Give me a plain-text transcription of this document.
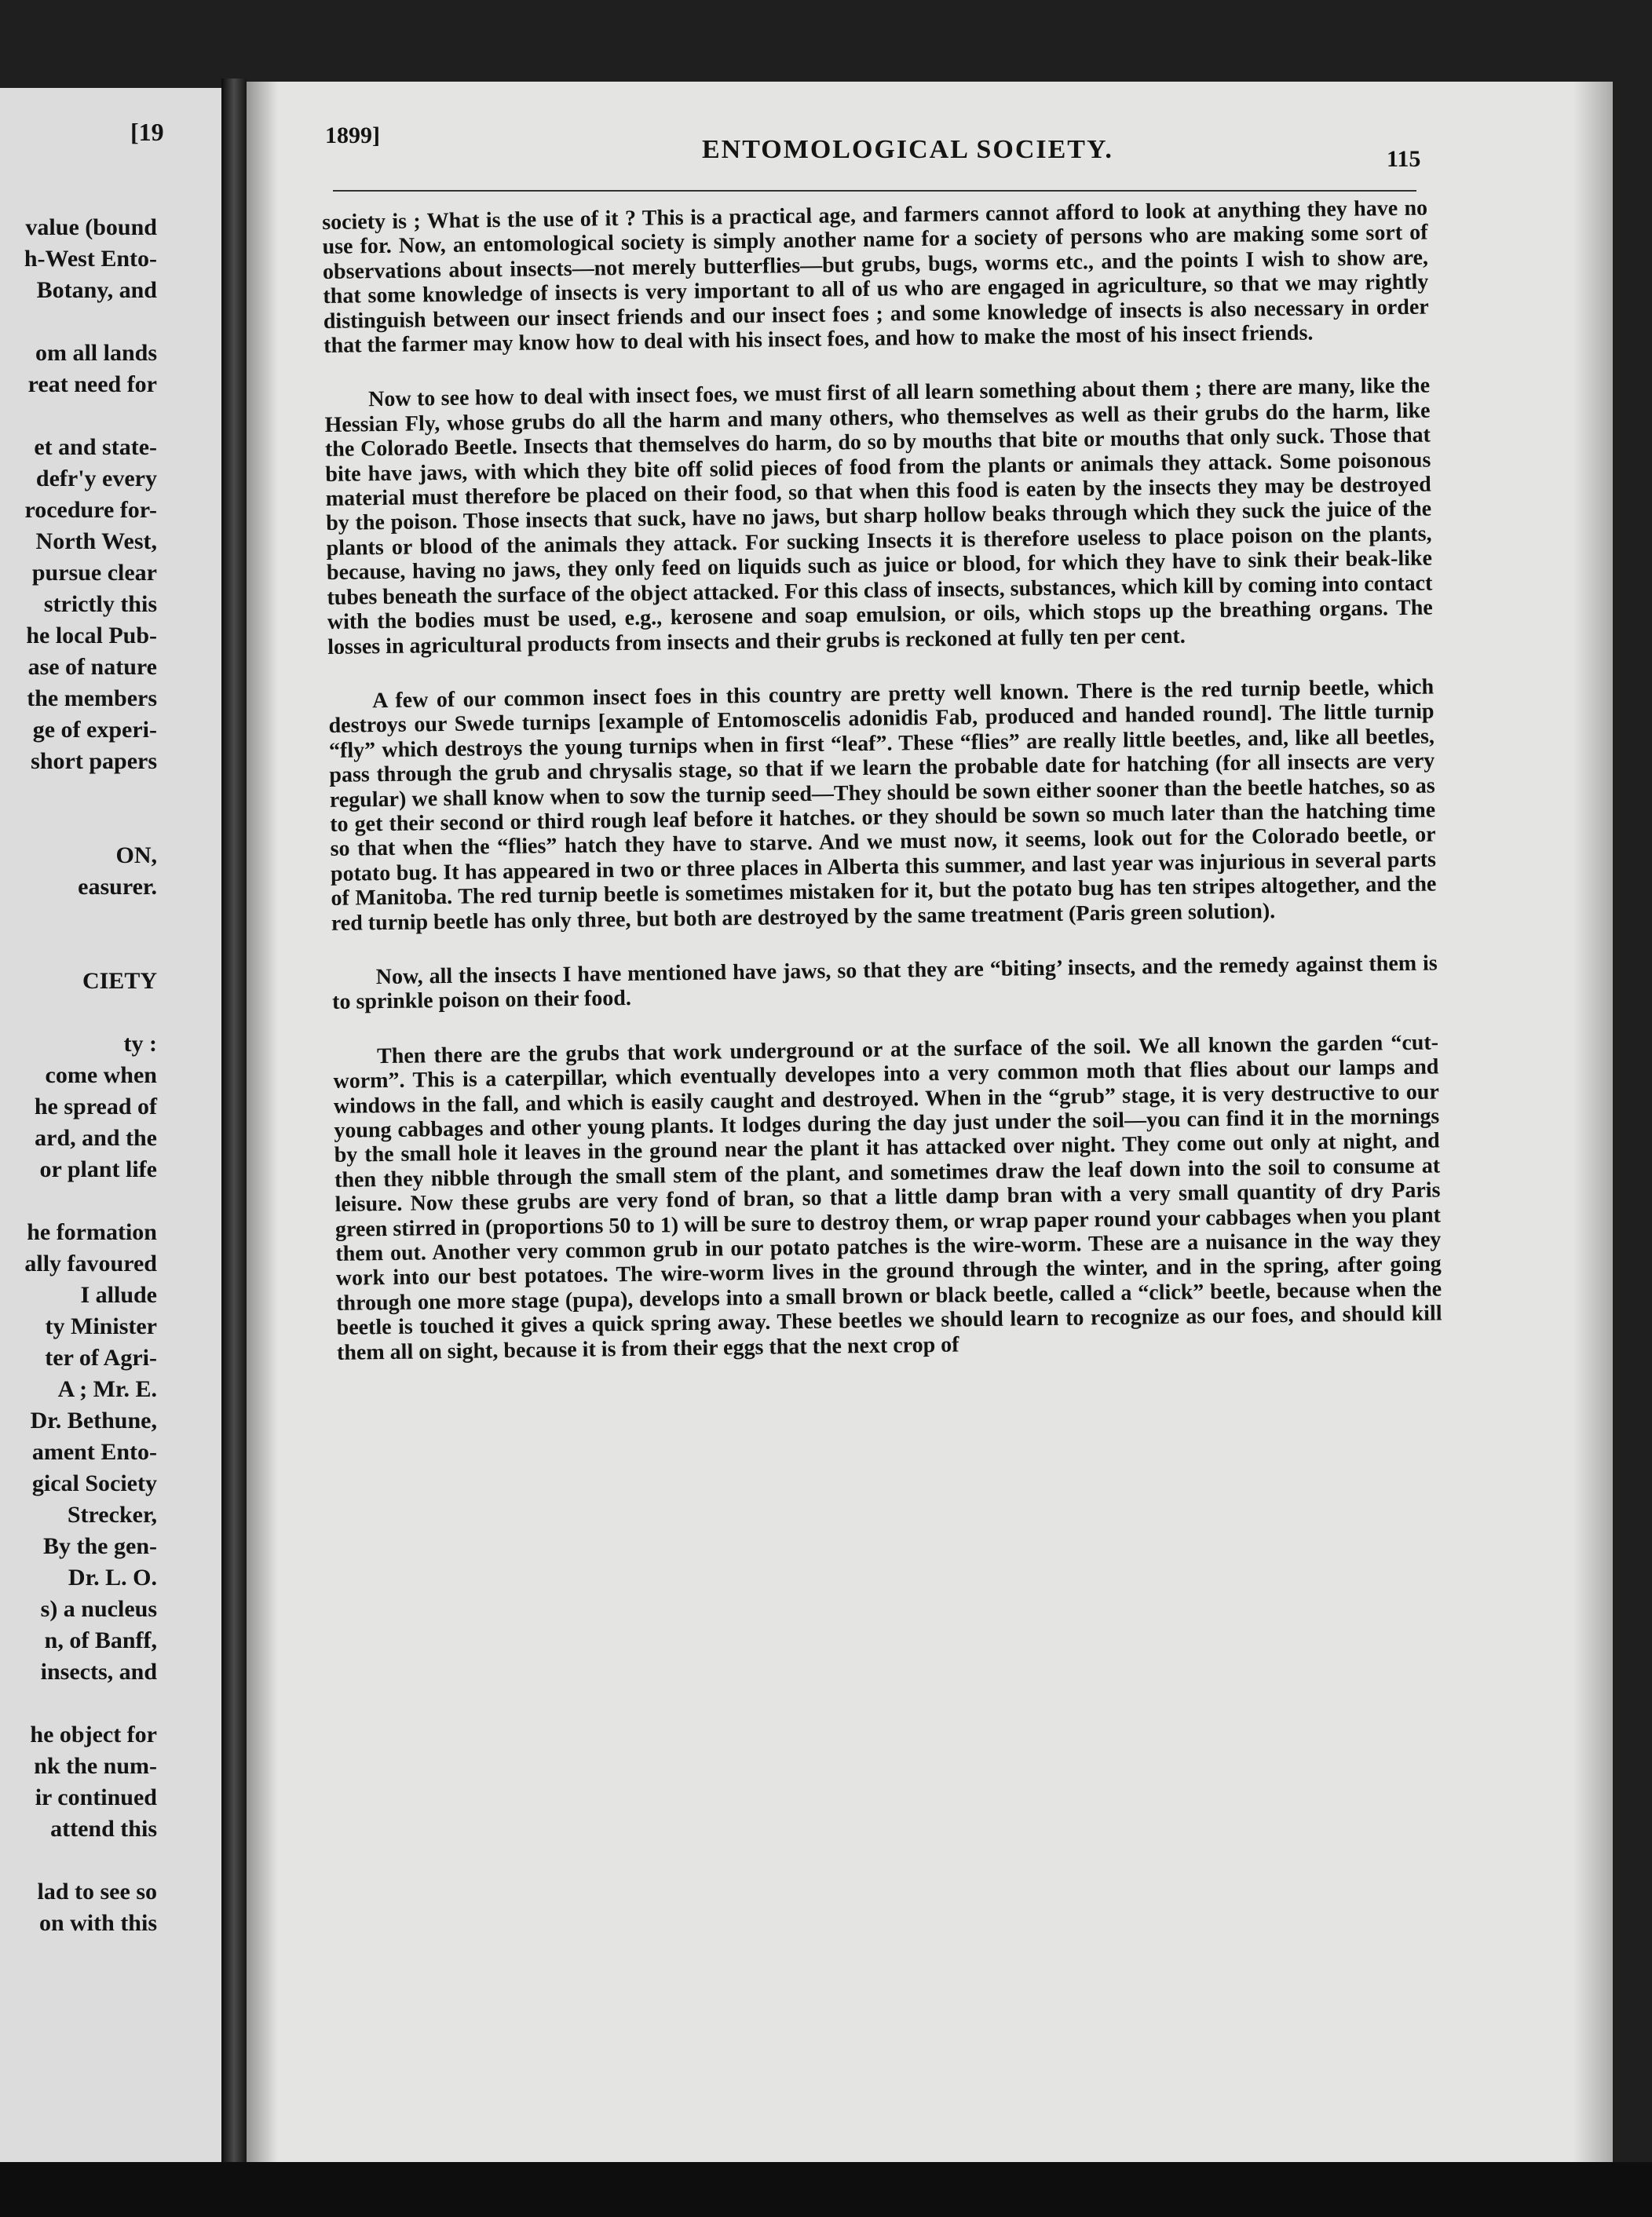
[19
value (bound
h-West Ento-
Botany, and
om all lands
reat need for
et and state-
defr'y every
rocedure for-
North West,
pursue clear
strictly this
he local Pub-
ase of nature
the members
ge of experi-
short papers
ON,
easurer.
CIETY
ty :
come when
he spread of
ard, and the
or plant life
he formation
ally favoured
I allude
ty Minister
ter of Agri-
A ; Mr. E.
Dr. Bethune,
ament Ento-
gical Society
Strecker,
By the gen-
Dr. L. O.
s) a nucleus
n, of Banff,
insects, and
he object for
nk the num-
ir continued
attend this
lad to see so
on with this
1899]	ENTOMOLOGICAL SOCIETY.	115

society is ; What is the use of it ? This is a practical age, and farmers cannot afford to look at anything they have no use for. Now, an entomological society is simply another name for a society of persons who are making some sort of observations about insects—not merely butterflies—but grubs, bugs, worms etc., and the points I wish to show are, that some knowledge of insects is very important to all of us who are engaged in agriculture, so that we may rightly distinguish between our insect friends and our insect foes ; and some knowledge of insects is also necessary in order that the farmer may know how to deal with his insect foes, and how to make the most of his insect friends.

Now to see how to deal with insect foes, we must first of all learn something about them ; there are many, like the Hessian Fly, whose grubs do all the harm and many others, who themselves as well as their grubs do the harm, like the Colorado Beetle. Insects that themselves do harm, do so by mouths that bite or mouths that only suck. Those that bite have jaws, with which they bite off solid pieces of food from the plants or animals they attack. Some poisonous material must therefore be placed on their food, so that when this food is eaten by the insects they may be destroyed by the poison. Those insects that suck, have no jaws, but sharp hollow beaks through which they suck the juice of the plants or blood of the animals they attack. For sucking Insects it is therefore useless to place poison on the plants, because, having no jaws, they only feed on liquids such as juice or blood, for which they have to sink their beak-like tubes beneath the surface of the object attacked. For this class of insects, substances, which kill by coming into contact with the bodies must be used, e.g., kerosene and soap emulsion, or oils, which stops up the breathing organs. The losses in agricultural products from insects and their grubs is reckoned at fully ten per cent.

A few of our common insect foes in this country are pretty well known. There is the red turnip beetle, which destroys our Swede turnips [example of Entomoscelis adonidis Fab, produced and handed round]. The little turnip “fly” which destroys the young turnips when in first “leaf”. These “flies” are really little beetles, and, like all beetles, pass through the grub and chrysalis stage, so that if we learn the probable date for hatching (for all insects are very regular) we shall know when to sow the turnip seed—They should be sown either sooner than the beetle hatches, so as to get their second or third rough leaf before it hatches. or they should be sown so much later than the hatching time so that when the “flies” hatch they have to starve. And we must now, it seems, look out for the Colorado beetle, or potato bug. It has appeared in two or three places in Alberta this summer, and last year was injurious in several parts of Manitoba. The red turnip beetle is sometimes mistaken for it, but the potato bug has ten stripes altogether, and the red turnip beetle has only three, but both are destroyed by the same treatment (Paris green solution).

Now, all the insects I have mentioned have jaws, so that they are “biting’ insects, and the remedy against them is to sprinkle poison on their food.

Then there are the grubs that work underground or at the surface of the soil. We all known the garden “cut-worm”. This is a caterpillar, which eventually developes into a very common moth that flies about our lamps and windows in the fall, and which is easily caught and destroyed. When in the “grub” stage, it is very destructive to our young cabbages and other young plants. It lodges during the day just under the soil—you can find it in the mornings by the small hole it leaves in the ground near the plant it has attacked over night. They come out only at night, and then they nibble through the small stem of the plant, and sometimes draw the leaf down into the soil to consume at leisure. Now these grubs are very fond of bran, so that a little damp bran with a very small quantity of dry Paris green stirred in (proportions 50 to 1) will be sure to destroy them, or wrap paper round your cabbages when you plant them out. Another very common grub in our potato patches is the wire-worm. These are a nuisance in the way they work into our best potatoes. The wire-worm lives in the ground through the winter, and in the spring, after going through one more stage (pupa), develops into a small brown or black beetle, called a “click” beetle, because when the beetle is touched it gives a quick spring away. These beetles we should learn to recognize as our foes, and should kill them all on sight, because it is from their eggs that the next crop of
